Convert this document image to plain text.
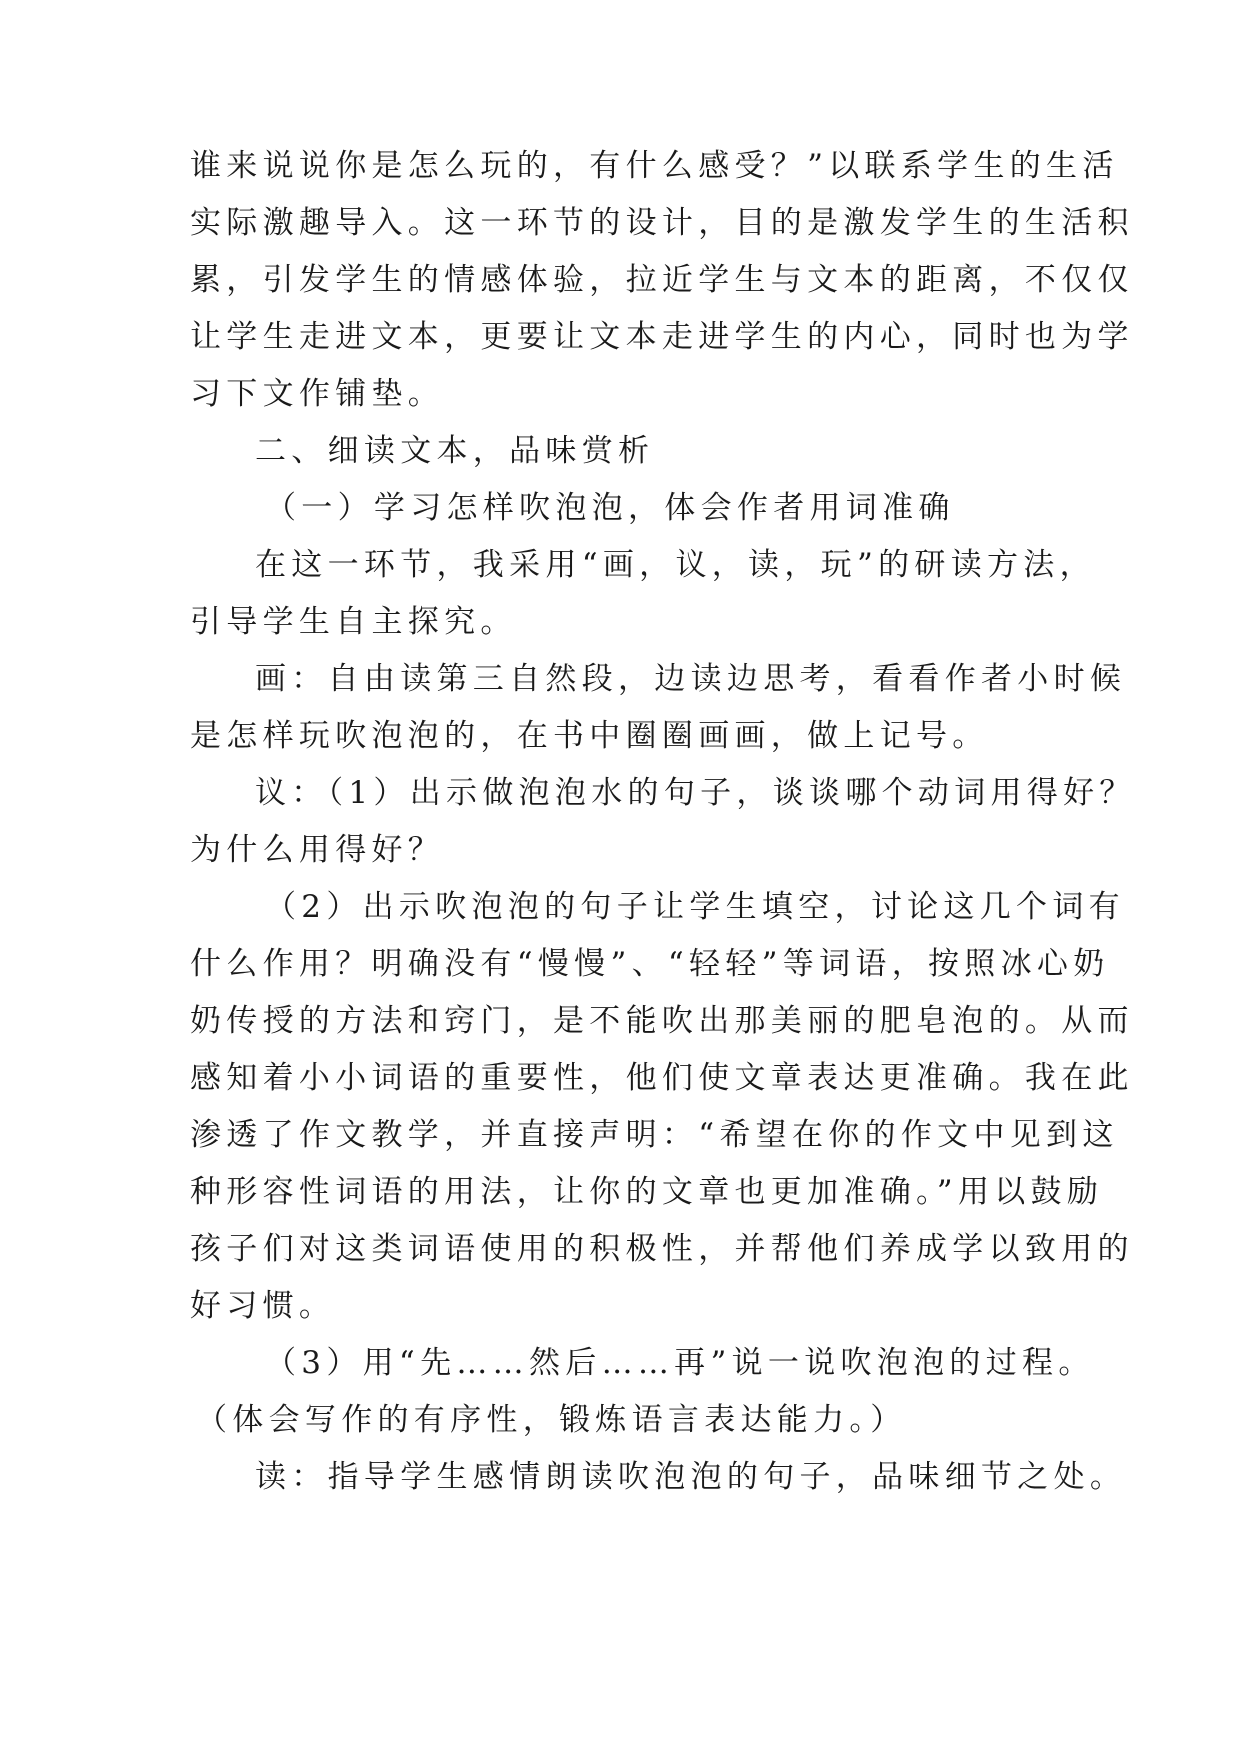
谁来说说你是怎么玩的，有什么感受？”以联系学生的生活
实际激趣导入。这一环节的设计，目的是激发学生的生活积
累，引发学生的情感体验，拉近学生与文本的距离，不仅仅
让学生走进文本，更要让文本走进学生的内心，同时也为学
习下文作铺垫。
二、细读文本，品味赏析
（一）学习怎样吹泡泡，体会作者用词准确
在这一环节，我采用“画，议，读，玩”的研读方法，
引导学生自主探究。
画：自由读第三自然段，边读边思考，看看作者小时候
是怎样玩吹泡泡的，在书中圈圈画画，做上记号。
议：（1）出示做泡泡水的句子，谈谈哪个动词用得好？
为什么用得好？
（2）出示吹泡泡的句子让学生填空，讨论这几个词有
什么作用？明确没有“慢慢”、“轻轻”等词语，按照冰心奶
奶传授的方法和窍门，是不能吹出那美丽的肥皂泡的。从而
感知着小小词语的重要性，他们使文章表达更准确。我在此
渗透了作文教学，并直接声明：“希望在你的作文中见到这
种形容性词语的用法，让你的文章也更加准确。”用以鼓励
孩子们对这类词语使用的积极性，并帮他们养成学以致用的
好习惯。
（3）用“先……然后……再”说一说吹泡泡的过程。
（体会写作的有序性，锻炼语言表达能力。）
读：指导学生感情朗读吹泡泡的句子，品味细节之处。
